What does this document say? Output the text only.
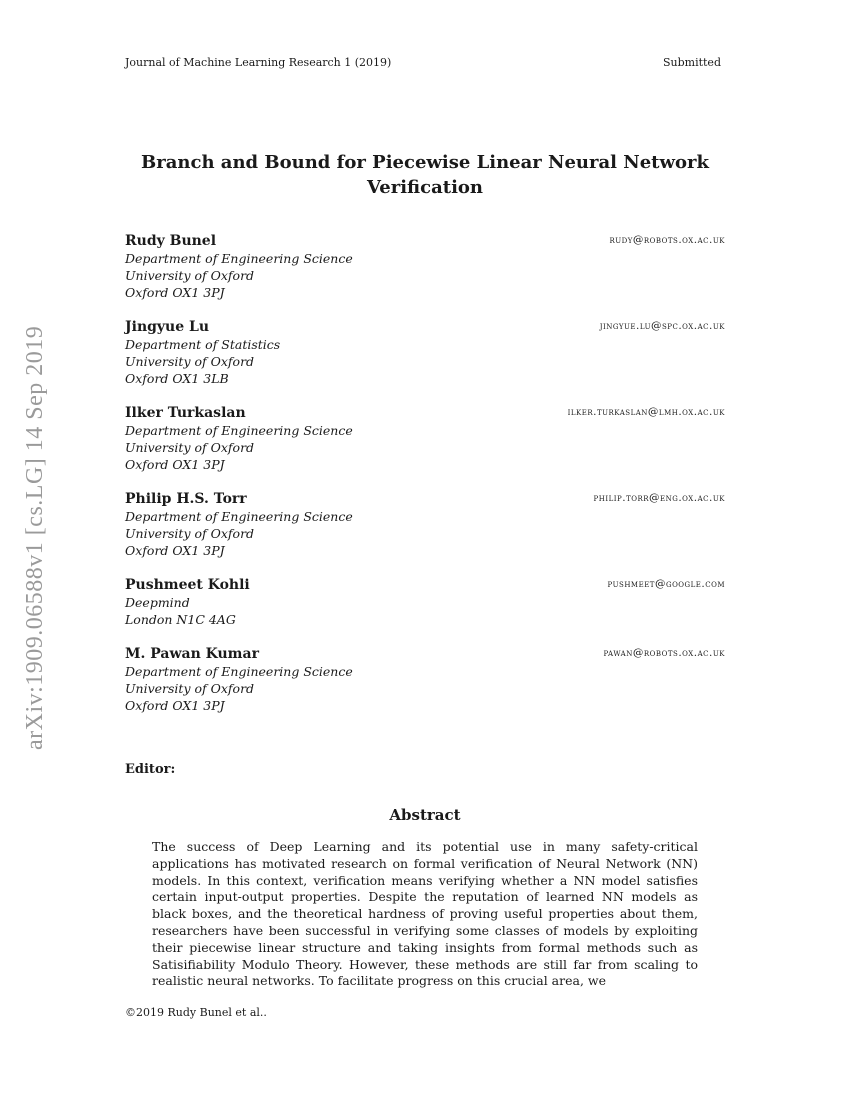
Journal of Machine Learning Research 1 (2019)	Submitted
arXiv:1909.06588v1 [cs.LG] 14 Sep 2019
Branch and Bound for Piecewise Linear Neural Network
Verification
Rudy Bunel	rudy@robots.ox.ac.uk
Department of Engineering Science
University of Oxford
Oxford OX1 3PJ
Jingyue Lu	jingyue.lu@spc.ox.ac.uk
Department of Statistics
University of Oxford
Oxford OX1 3LB
Ilker Turkaslan	ilker.turkaslan@lmh.ox.ac.uk
Department of Engineering Science
University of Oxford
Oxford OX1 3PJ
Philip H.S. Torr	philip.torr@eng.ox.ac.uk
Department of Engineering Science
University of Oxford
Oxford OX1 3PJ
Pushmeet Kohli	pushmeet@google.com
Deepmind
London N1C 4AG
M. Pawan Kumar	pawan@robots.ox.ac.uk
Department of Engineering Science
University of Oxford
Oxford OX1 3PJ
Editor:
Abstract
The success of Deep Learning and its potential use in many safety-critical applications has motivated research on formal verification of Neural Network (NN) models. In this context, verification means verifying whether a NN model satisfies certain input-output properties. Despite the reputation of learned NN models as black boxes, and the theoretical hardness of proving useful properties about them, researchers have been successful in verifying some classes of models by exploiting their piecewise linear structure and taking insights from formal methods such as Satisifiability Modulo Theory. However, these methods are still far from scaling to realistic neural networks. To facilitate progress on this crucial area, we
©2019 Rudy Bunel et al..
